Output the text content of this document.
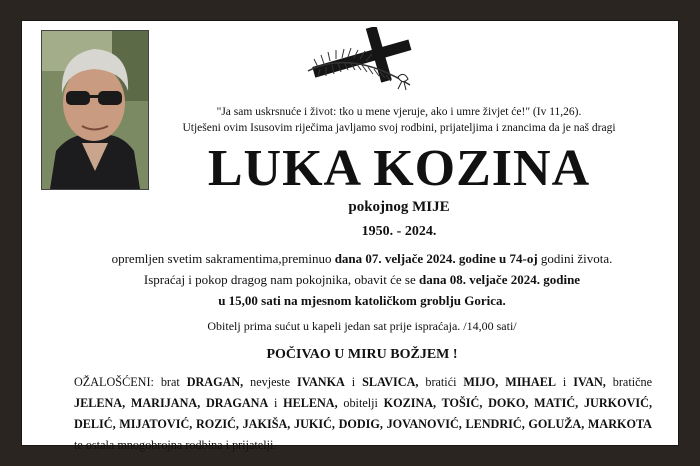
"Ja sam uskrsnuće i život: tko u mene vjeruje, ako i umre živjet će!" (Iv 11,26).
Utješeni ovim Isusovim riječima javljamo svoj rodbini, prijateljima i znancima da je naš dragi
LUKA KOZINA
pokojnog MIJE
1950. - 2024.
opremljen svetim sakramentima,preminuo dana 07. veljače 2024. godine u 74-oj godini života.
Ispraćaj i pokop dragog nam pokojnika, obavit će se dana 08. veljače 2024. godine
u 15,00 sati na mjesnom katoličkom groblju Gorica.
Obitelj prima sućut u kapeli jedan sat prije ispraćaja. /14,00 sati/
POČIVAO U MIRU BOŽJEM !
OŽALOŠĆENI: brat DRAGAN, nevjeste IVANKA i SLAVICA, bratići MIJO, MIHAEL i IVAN, bratične JELENA, MARIJANA, DRAGANA i HELENA, obitelji KOZINA, TOŠIĆ, DOKO, MATIĆ, JURKOVIĆ, DELIĆ, MIJATOVIĆ, ROZIĆ, JAKIŠA, JUKIĆ, DODIG, JOVANOVIĆ, LENDRIĆ, GOLUŽA, MARKOTA te ostala mnogobrojna rodbina i prijatelji.
